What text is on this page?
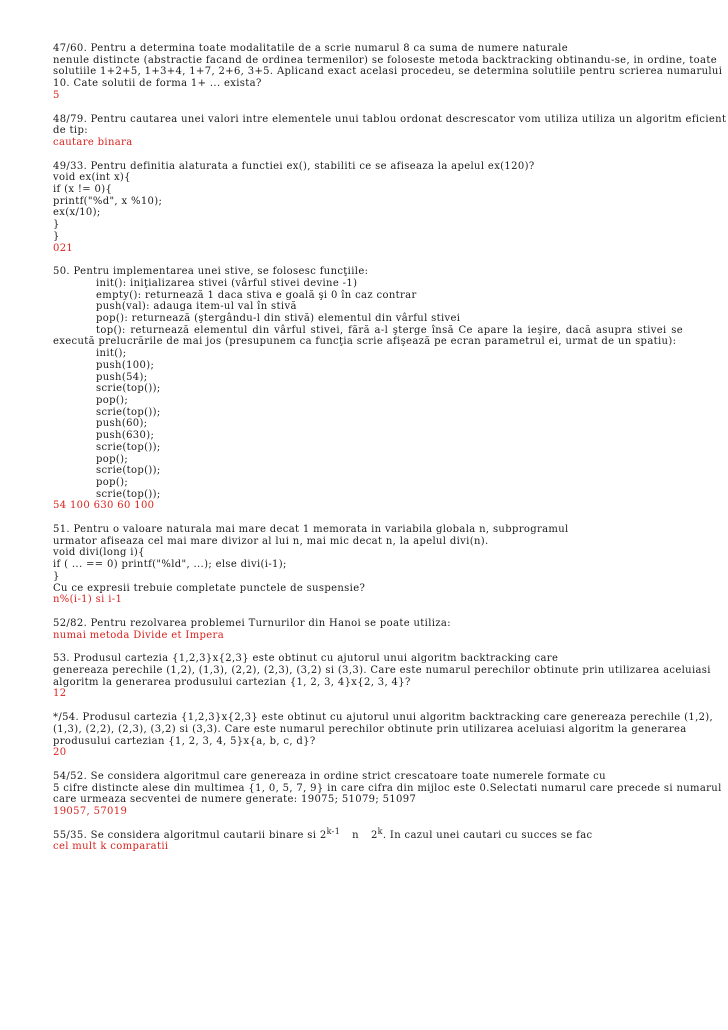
47/60. Pentru a determina toate modalitatile de a scrie numarul 8 ca suma de numere naturale
nenule distincte (abstractie facand de ordinea termenilor) se foloseste metoda backtracking obtinandu-se, in ordine, toate
solutiile 1+2+5, 1+3+4, 1+7, 2+6, 3+5. Aplicand exact acelasi procedeu, se determina solutiile pentru scrierea numarului
10. Cate solutii de forma 1+ ... exista?
5
48/79. Pentru cautarea unei valori intre elementele unui tablou ordonat descrescator vom utiliza utiliza un algoritm eficient
de tip:
cautare binara
49/33. Pentru definitia alaturata a functiei ex(), stabiliti ce se afiseaza la apelul ex(120)?
void ex(int x){
if (x != 0){
printf("%d", x %10);
ex(x/10);
}
}
021
50. Pentru implementarea unei stive, se folosesc funcţiile:
init(): iniţializarea stivei (vârful stivei devine -1)
empty(): returnează 1 daca stiva e goală şi 0 în caz contrar
push(val): adauga item-ul val în stivă
pop(): returnează (ştergându-l din stivă) elementul din vârful stivei
top(): returnează elementul din vârful stivei, fără a-l şterge însă Ce apare la ieşire, dacă asupra stivei se execută prelucrările de mai jos (presupunem ca funcţia scrie afişează pe ecran parametrul ei, urmat de un spatiu):
init();
push(100);
push(54);
scrie(top());
pop();
scrie(top());
push(60);
push(630);
scrie(top());
pop();
scrie(top());
pop();
scrie(top());
54 100 630 60 100
51. Pentru o valoare naturala mai mare decat 1 memorata in variabila globala n, subprogramul
urmator afiseaza cel mai mare divizor al lui n, mai mic decat n, la apelul divi(n).
void divi(long i){
if ( ... == 0) printf("%ld", ...); else divi(i-1);
}
Cu ce expresii trebuie completate punctele de suspensie?
n%(i-1) si i-1
52/82. Pentru rezolvarea problemei Turnurilor din Hanoi se poate utiliza:
numai metoda Divide et Impera
53. Produsul cartezia {1,2,3}x{2,3} este obtinut cu ajutorul unui algoritm backtracking care
genereaza perechile (1,2), (1,3), (2,2), (2,3), (3,2) si (3,3). Care este numarul perechilor obtinute prin utilizarea aceluiasi
algoritm la generarea produsului cartezian {1, 2, 3, 4}x{2, 3, 4}?
12
*/54. Produsul cartezia {1,2,3}x{2,3} este obtinut cu ajutorul unui algoritm backtracking care genereaza perechile (1,2),
(1,3), (2,2), (2,3), (3,2) si (3,3). Care este numarul perechilor obtinute prin utilizarea aceluiasi algoritm la generarea
produsului cartezian {1, 2, 3, 4, 5}x{a, b, c, d}?
20
54/52. Se considera algoritmul care genereaza in ordine strict crescatoare toate numerele formate cu
5 cifre distincte alese din multimea {1, 0, 5, 7, 9} in care cifra din mijloc este 0.Selectati numarul care precede si numarul
care urmeaza secventei de numere generate: 19075; 51079; 51097
19057, 57019
55/35. Se considera algoritmul cautarii binare si 2$^{k-1}$ n 2$^k$. In cazul unei cautari cu succes se fac
cel mult k comparatii
